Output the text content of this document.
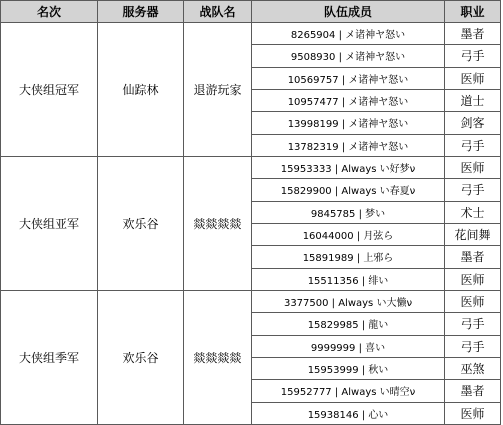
名次	服务器	战队名	队伍成员	职业
大侠组冠军	仙踪林	退游玩家	8265904 | メ诸神ヤ怒い	墨者
			9508930 | メ诸神ヤ怒い	弓手
			10569757 | メ诸神ヤ怒い	医师
			10957477 | メ诸神ヤ怒い	道士
			13998199 | メ诸神ヤ怒い	剑客
			13782319 | メ诸神ヤ怒い	弓手
大侠组亚军	欢乐谷	燚燚燚燚	15953333 | Always い好梦ν	医师
			15829900 | Always い春夏ν	弓手
			9845785 | 梦い	术士
			16044000 | 月弦ら	花间舞
			15891989 | 上邪ら	墨者
			15511356 | 绯い	医师
大侠组季军	欢乐谷	燚燚燚燚	3377500 | Always い大懒ν	医师
			15829985 | 龍い	弓手
			9999999 | 喜い	弓手
			15953999 | 秋い	巫煞
			15952777 | Always い晴空ν	墨者
			15938146 | 心い	医师
